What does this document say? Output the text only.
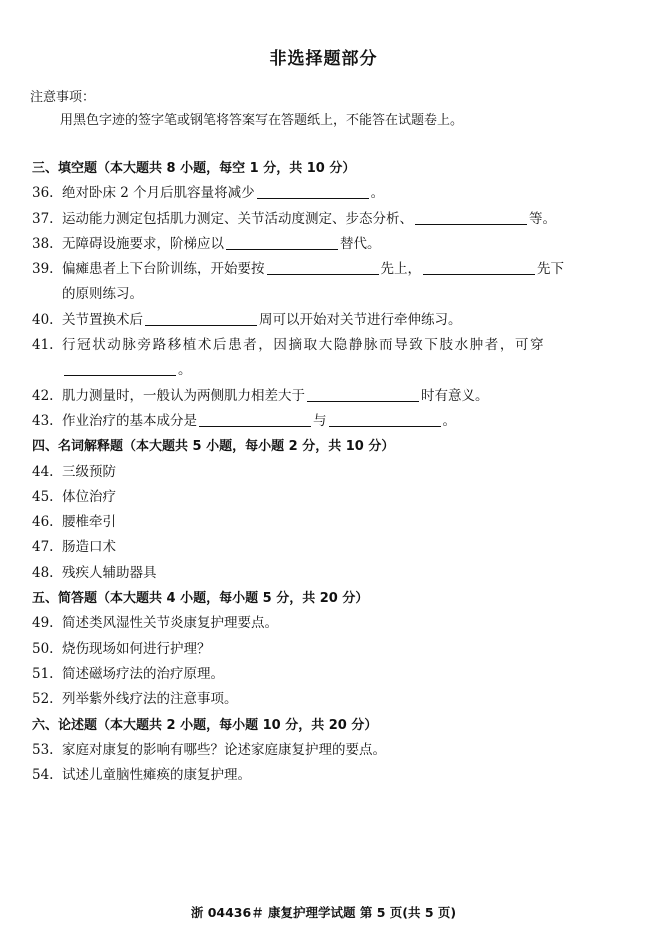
非选择题部分
注意事项：
用黑色字迹的签字笔或钢笔将答案写在答题纸上，不能答在试题卷上。
三、填空题（本大题共 8 小题，每空 1 分，共 10 分）
36. 绝对卧床 2 个月后肌容量将减少	。
37. 运动能力测定包括肌力测定、关节活动度测定、步态分析、	等。
38. 无障碍设施要求，阶梯应以	替代。
39. 偏瘫患者上下台阶训练，开始要按	先上，	先下
的原则练习。
40. 关节置换术后	周可以开始对关节进行牵伸练习。
41. 行冠状动脉旁路移植术后患者，因摘取大隐静脉而导致下肢水肿者，可穿
。
42. 肌力测量时，一般认为两侧肌力相差大于	时有意义。
43. 作业治疗的基本成分是	与	。
四、名词解释题（本大题共 5 小题，每小题 2 分，共 10 分）
44. 三级预防
45. 体位治疗
46. 腰椎牵引
47. 肠造口术
48. 残疾人辅助器具
五、简答题（本大题共 4 小题，每小题 5 分，共 20 分）
49. 简述类风湿性关节炎康复护理要点。
50. 烧伤现场如何进行护理？
51. 简述磁场疗法的治疗原理。
52. 列举紫外线疗法的注意事项。
六、论述题（本大题共 2 小题，每小题 10 分，共 20 分）
53. 家庭对康复的影响有哪些？论述家庭康复护理的要点。
54. 试述儿童脑性瘫痪的康复护理。
浙 04436＃ 康复护理学试题 第 5 页(共 5 页)
